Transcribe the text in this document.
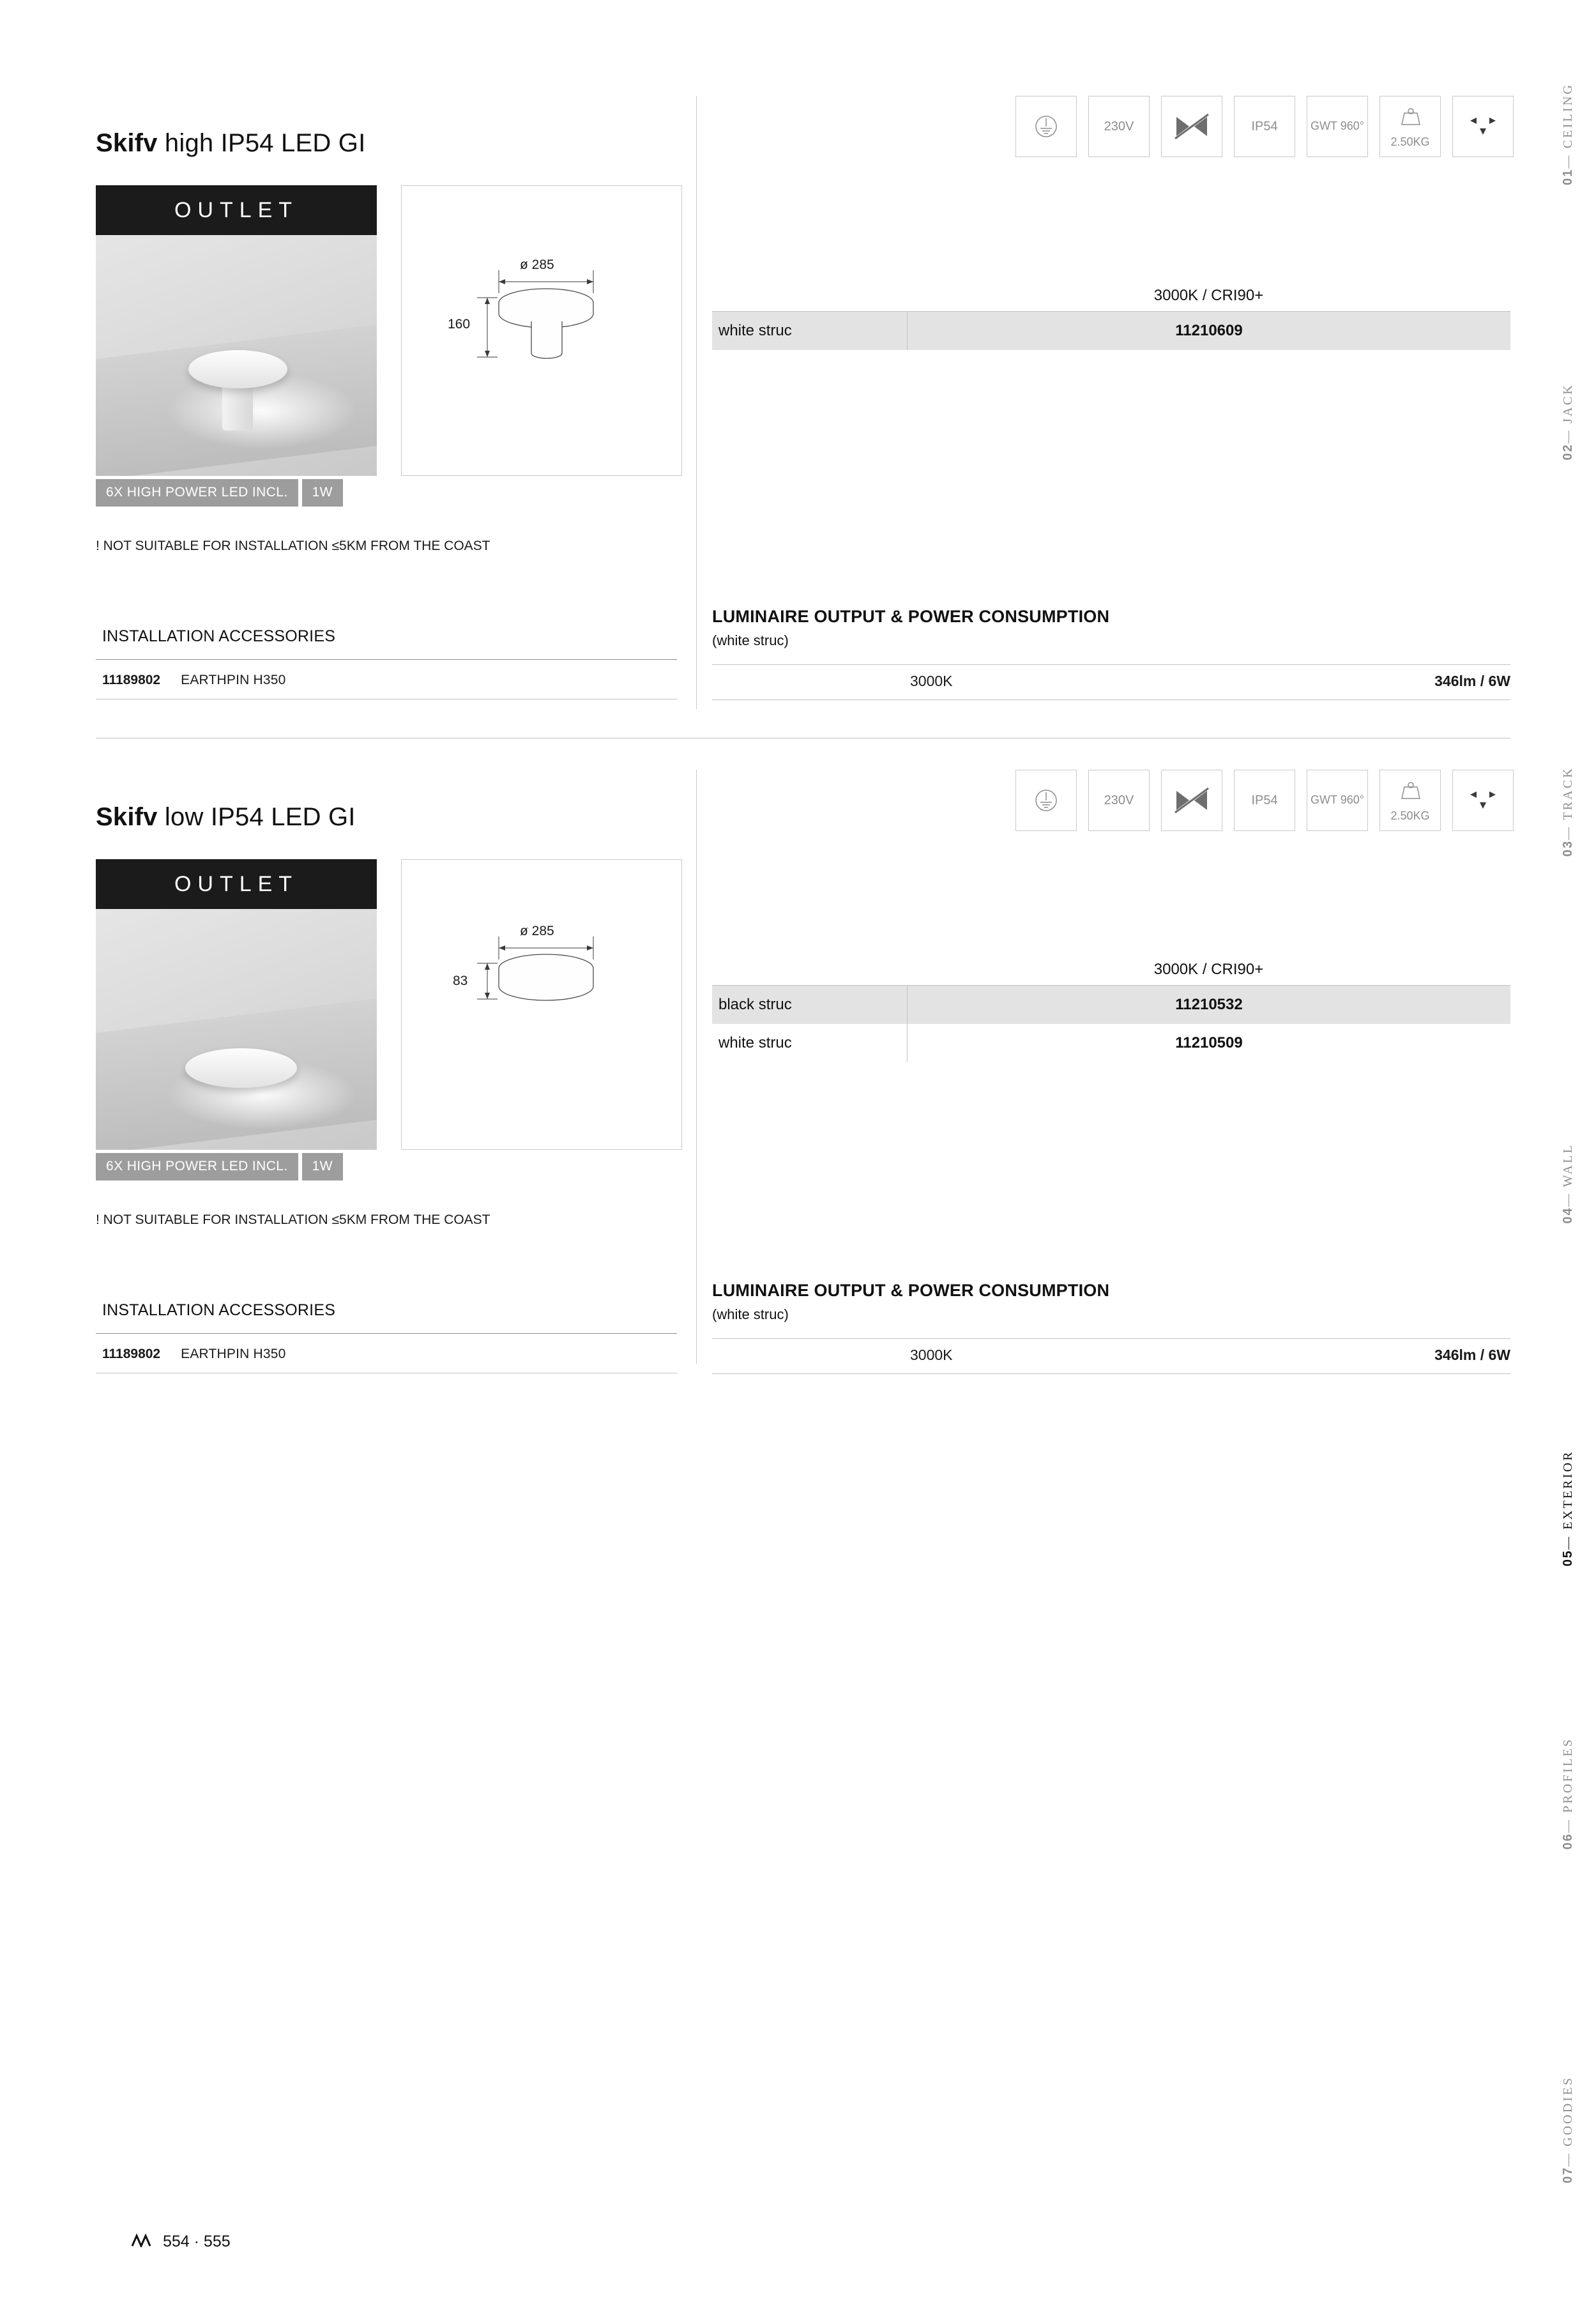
01— CEILING
02— JACK
03— TRACK
04— WALL
05— EXTERIOR
06— PROFILES
07— GOODIES
Skifv high IP54 LED GI
OUTLET
ø 285
160
6X HIGH POWER LED INCL.	1W
! NOT SUITABLE FOR INSTALLATION ≤5KM FROM THE COAST
INSTALLATION ACCESSORIES
11189802 EARTHPIN H350
230V	IP54	GWT 960°
2.50KG
3000K / CRI90+
white struc	11210609
LUMINAIRE OUTPUT & POWER CONSUMPTION
(white struc)
3000K	346lm / 6W
Skifv low IP54 LED GI
OUTLET
ø 285
83
6X HIGH POWER LED INCL.	1W
! NOT SUITABLE FOR INSTALLATION ≤5KM FROM THE COAST
INSTALLATION ACCESSORIES
11189802 EARTHPIN H350
230V	IP54	GWT 960°
2.50KG
3000K / CRI90+
black struc	11210532
white struc	11210509
LUMINAIRE OUTPUT & POWER CONSUMPTION
(white struc)
3000K	346lm / 6W
554 · 555
